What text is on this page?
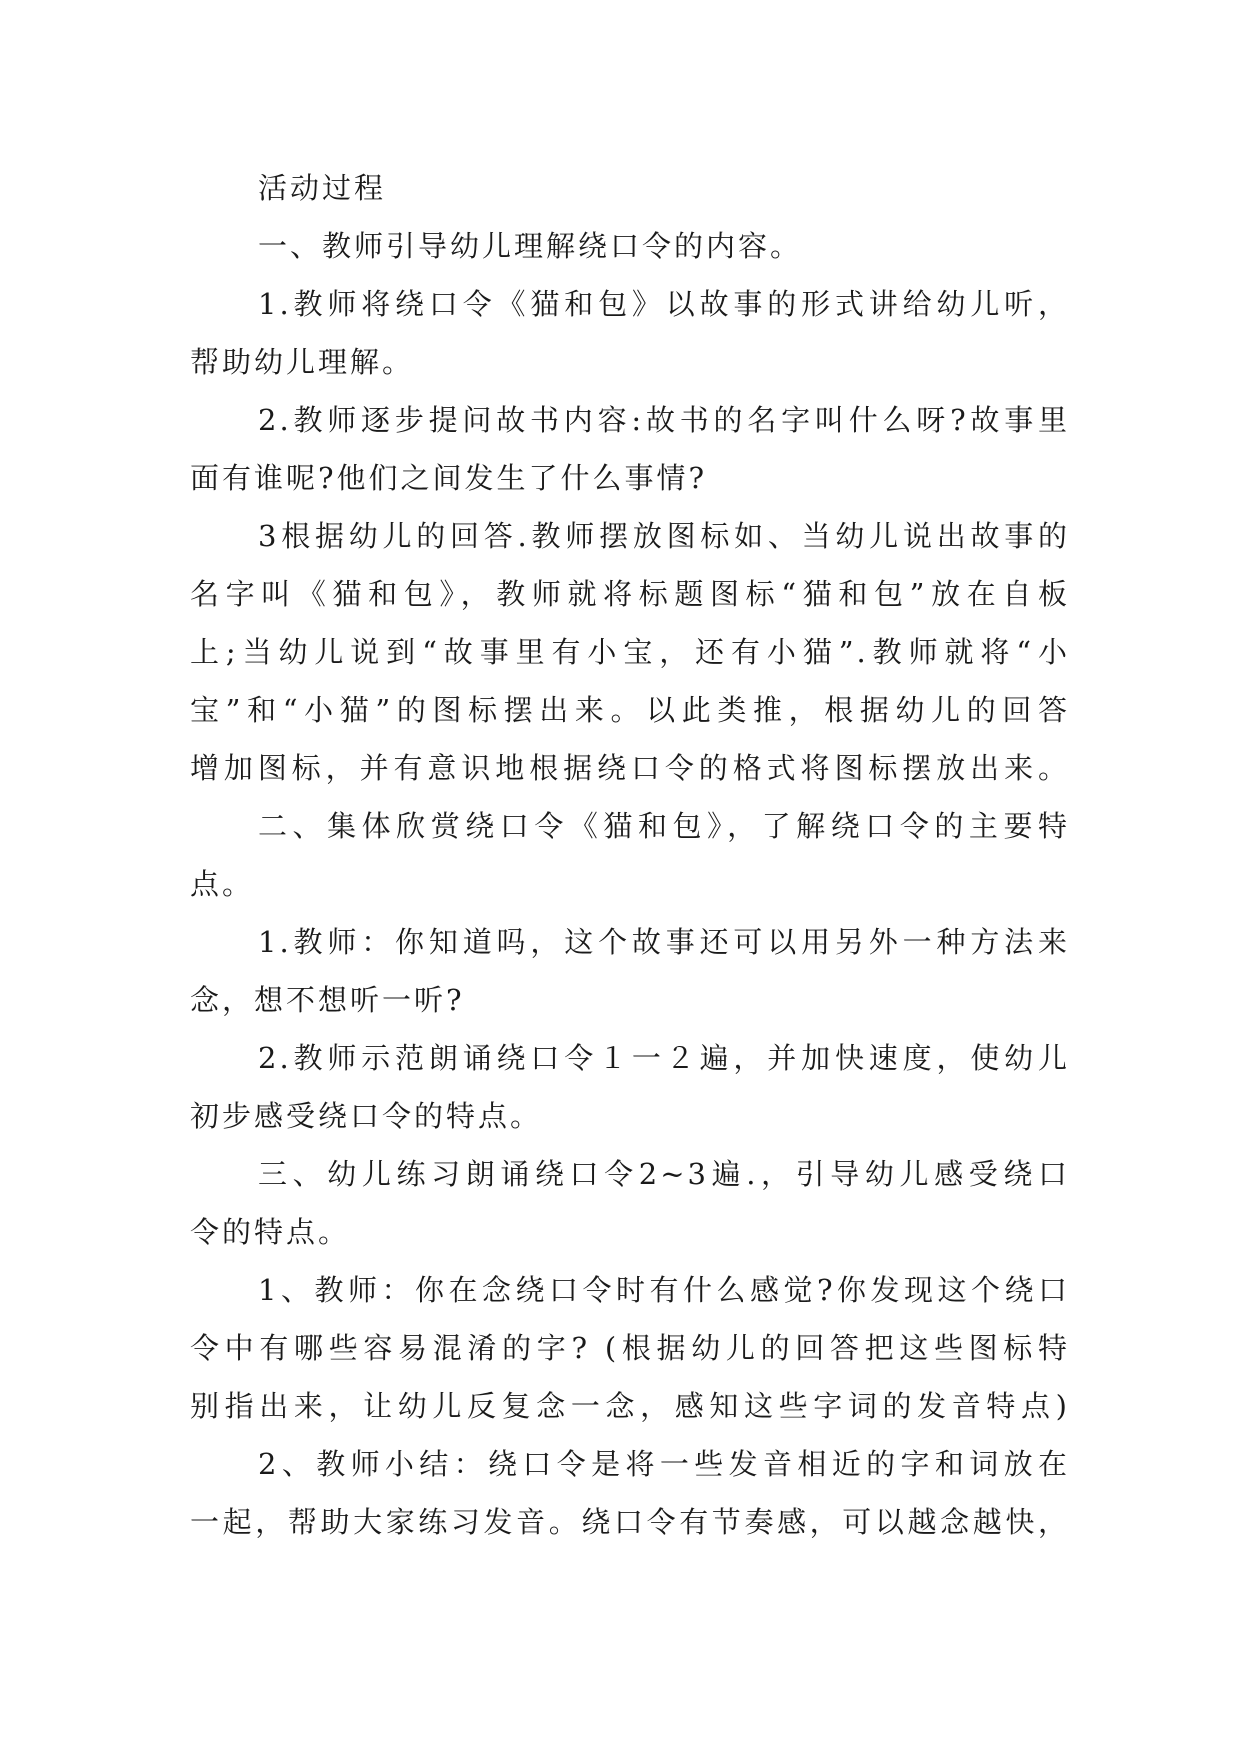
活动过程
一、教师引导幼儿理解绕口令的内容。
1.教师将绕口令《猫和包》以故事的形式讲给幼儿听，
帮助幼儿理解。
2.教师逐步提问故书内容:故书的名字叫什么呀?故事里
面有谁呢?他们之间发生了什么事情?
3根据幼儿的回答.教师摆放图标如、当幼儿说出故事的
名字叫《猫和包》，教师就将标题图标“猫和包”放在自板
上;当幼儿说到“故事里有小宝，还有小猫”.教师就将“小
宝”和“小猫”的图标摆出来。以此类推，根据幼儿的回答
增加图标，并有意识地根据绕口令的格式将图标摆放出来。
二、集体欣赏绕口令《猫和包》，了解绕口令的主要特
点。
1.教师：你知道吗，这个故事还可以用另外一种方法来
念，想不想听一听?
2.教师示范朗诵绕口令１一２遍，并加快速度，使幼儿
初步感受绕口令的特点。
三、幼儿练习朗诵绕口令2~3遍.，引导幼儿感受绕口
令的特点。
1、教师：你在念绕口令时有什么感觉?你发现这个绕口
令中有哪些容易混淆的字? (根据幼儿的回答把这些图标特
别指出来，让幼儿反复念一念，感知这些字词的发音特点)
2、教师小结：绕口令是将一些发音相近的字和词放在
一起，帮助大家练习发音。绕口令有节奏感，可以越念越快，
